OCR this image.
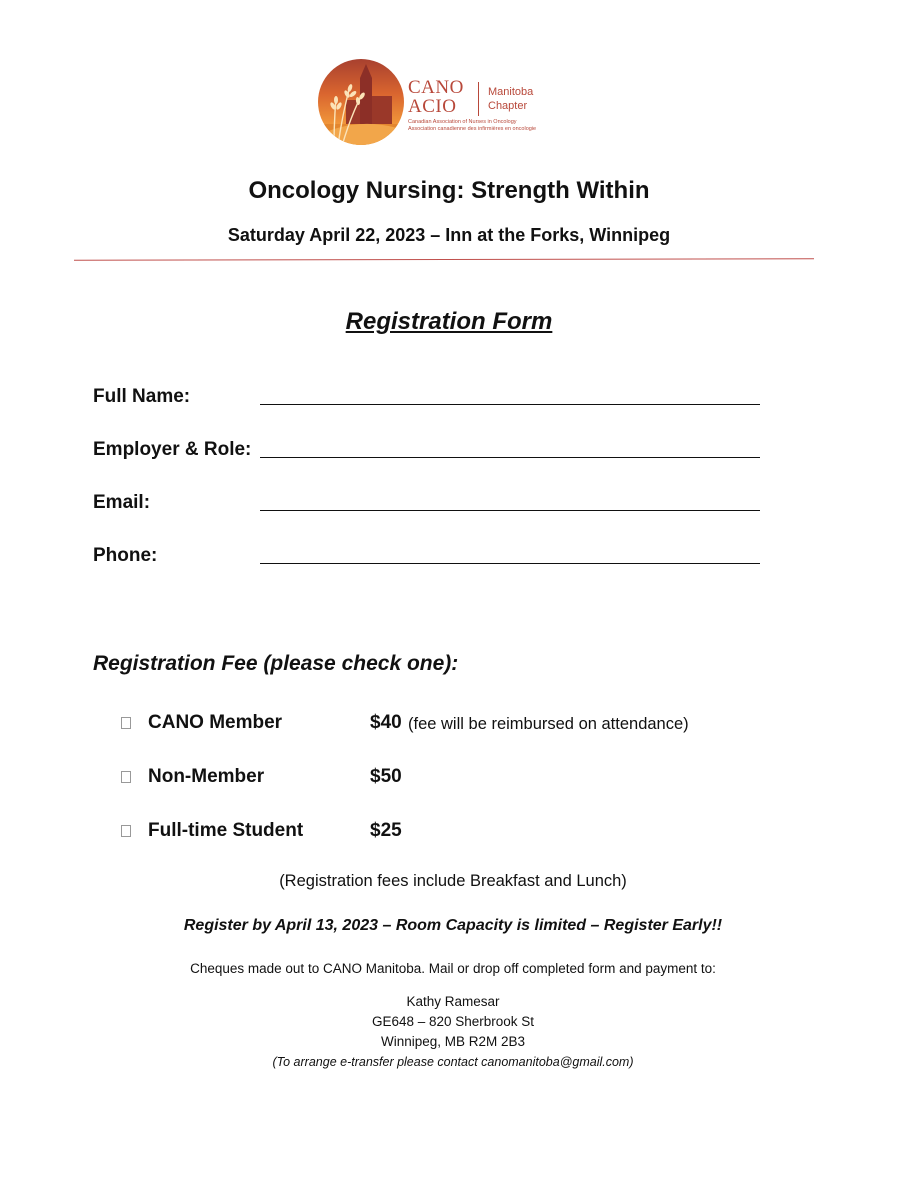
CANO
ACIO
Manitoba
Chapter
Canadian Association of Nurses in Oncology
Association canadienne des infirmières en oncologie
Oncology Nursing: Strength Within
Saturday April 22, 2023 – Inn at the Forks, Winnipeg
Registration Form
Full Name:
Employer & Role:
Email:
Phone:
Registration Fee (please check one):
CANO Member	$40 (fee will be reimbursed on attendance)
Non-Member	$50
Full-time Student	$25
(Registration fees include Breakfast and Lunch)
Register by April 13, 2023 – Room Capacity is limited – Register Early!!
Cheques made out to CANO Manitoba. Mail or drop off completed form and payment to:
Kathy Ramesar
GE648 – 820 Sherbrook St
Winnipeg, MB R2M 2B3
(To arrange e-transfer please contact canomanitoba@gmail.com)
